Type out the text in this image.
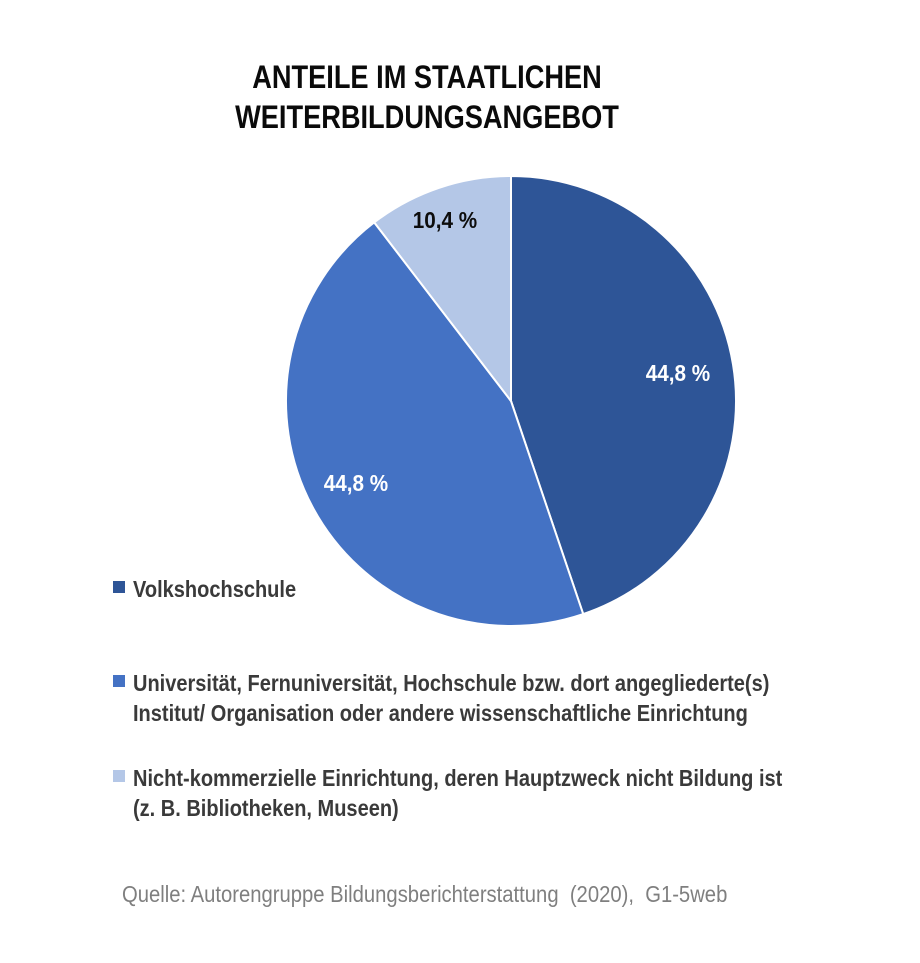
ANTEILE IM STAATLICHEN
WEITERBILDUNGSANGEBOT
44,8 %
44,8 %
10,4 %
Volkshochschule
Universität, Fernuniversität, Hochschule bzw. dort angegliederte(s)
Institut/ Organisation oder andere wissenschaftliche Einrichtung
Nicht-kommerzielle Einrichtung, deren Hauptzweck nicht Bildung ist
(z. B. Bibliotheken, Museen)
Quelle: Autorengruppe Bildungsberichterstattung  (2020),  G1-5web
